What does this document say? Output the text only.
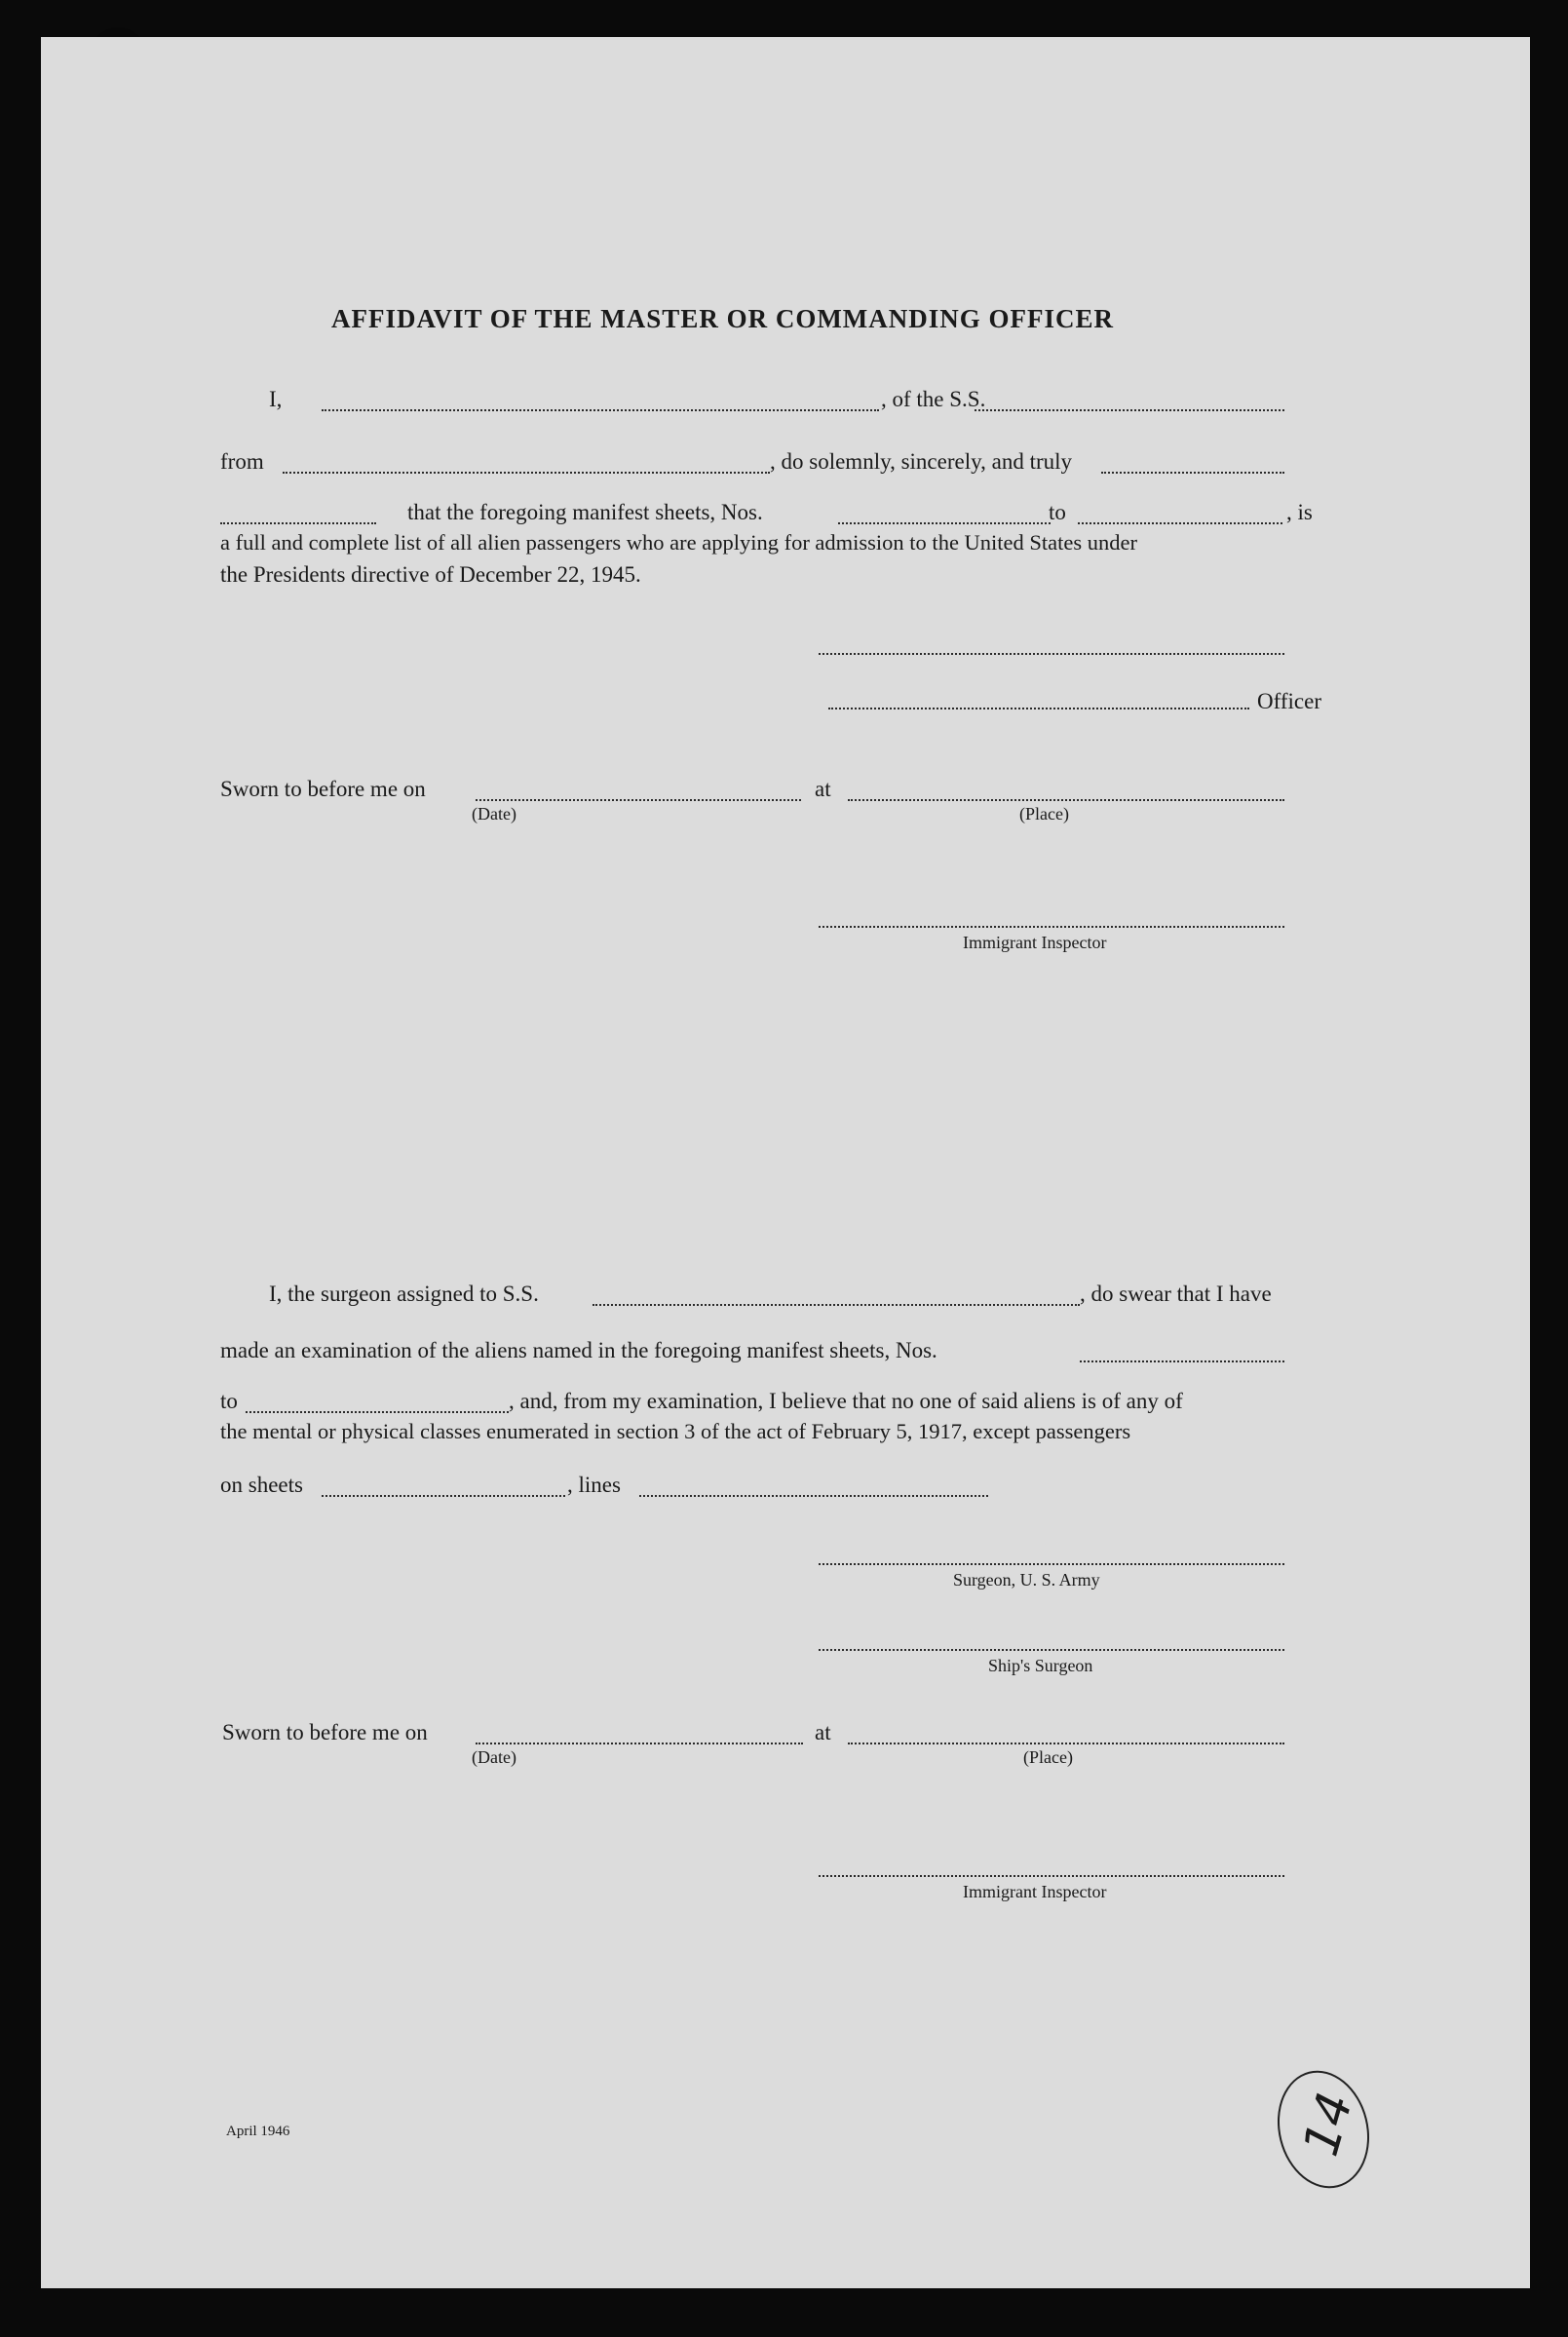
AFFIDAVIT OF THE MASTER OR COMMANDING OFFICER
I,	, of the S.S.
from	, do solemnly, sincerely, and truly
that the foregoing manifest sheets, Nos.	to	, is
a full and complete list of all alien passengers who are applying for admission to the United States under
the Presidents directive of December 22, 1945.
Officer
Sworn to before me on	at
(Date)	(Place)
Immigrant Inspector
I, the surgeon assigned to S.S.	, do swear that I have
made an examination of the aliens named in the foregoing manifest sheets, Nos.
to	, and, from my examination, I believe that no one of said aliens is of any of
the mental or physical classes enumerated in section 3 of the act of February 5, 1917, except passengers
on sheets	, lines
Surgeon, U. S. Army
Ship's Surgeon
Sworn to before me on	at
(Date)	(Place)
Immigrant Inspector
April 1946	14
